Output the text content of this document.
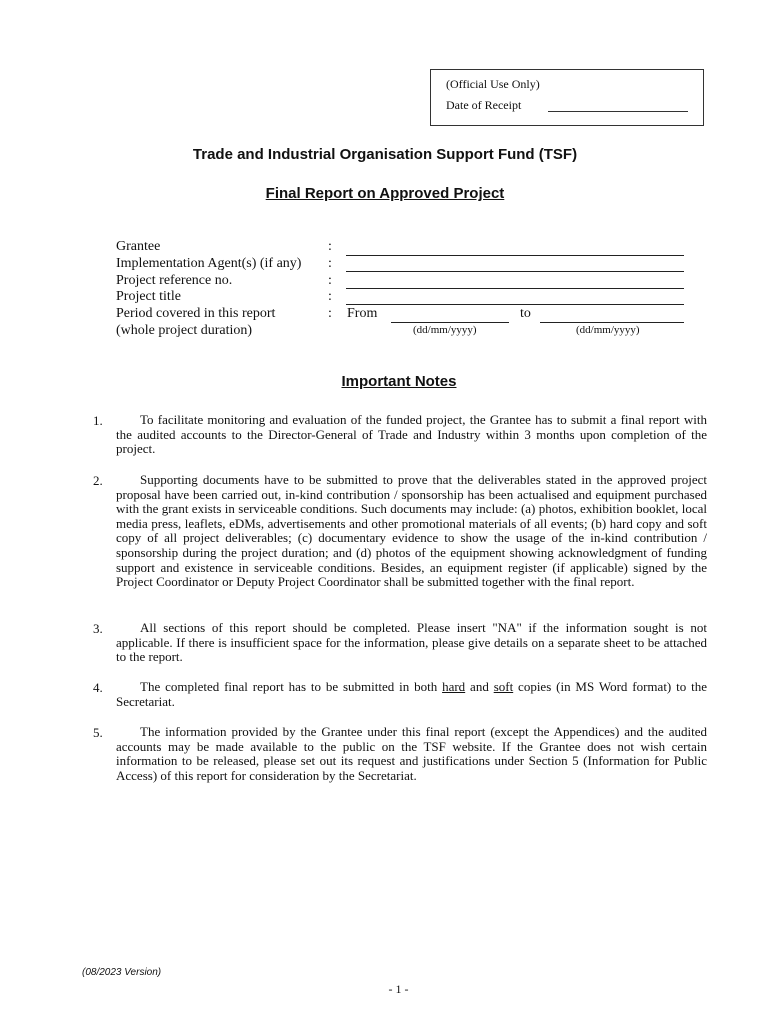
(Official Use Only)
Date of Receipt
Trade and Industrial Organisation Support Fund (TSF)
Final Report on Approved Project
Grantee	:
Implementation Agent(s) (if any) :
Project reference no.	:
Project title	:
Period covered in this report	:
(whole project duration)
From	to
(dd/mm/yyyy)	(dd/mm/yyyy)
Important Notes
1.	To facilitate monitoring and evaluation of the funded project, the Grantee has to submit a final report with the audited accounts to the Director-General of Trade and Industry within 3 months upon completion of the project.
2.	Supporting documents have to be submitted to prove that the deliverables stated in the approved project proposal have been carried out, in-kind contribution / sponsorship has been actualised and equipment purchased with the grant exists in serviceable conditions. Such documents may include: (a) photos, exhibition booklet, local media press, leaflets, eDMs, advertisements and other promotional materials of all events; (b) hard copy and soft copy of all project deliverables; (c) documentary evidence to show the usage of the in-kind contribution / sponsorship during the project duration; and (d) photos of the equipment showing acknowledgment of funding support and existence in serviceable conditions. Besides, an equipment register (if applicable) signed by the Project Coordinator or Deputy Project Coordinator shall be submitted together with the final report.
3.	All sections of this report should be completed. Please insert "NA" if the information sought is not applicable. If there is insufficient space for the information, please give details on a separate sheet to be attached to the report.
4.	The completed final report has to be submitted in both hard and soft copies (in MS Word format) to the Secretariat.
5.	The information provided by the Grantee under this final report (except the Appendices) and the audited accounts may be made available to the public on the TSF website. If the Grantee does not wish certain information to be released, please set out its request and justifications under Section 5 (Information for Public Access) of this report for consideration by the Secretariat.
(08/2023 Version)
- 1 -
